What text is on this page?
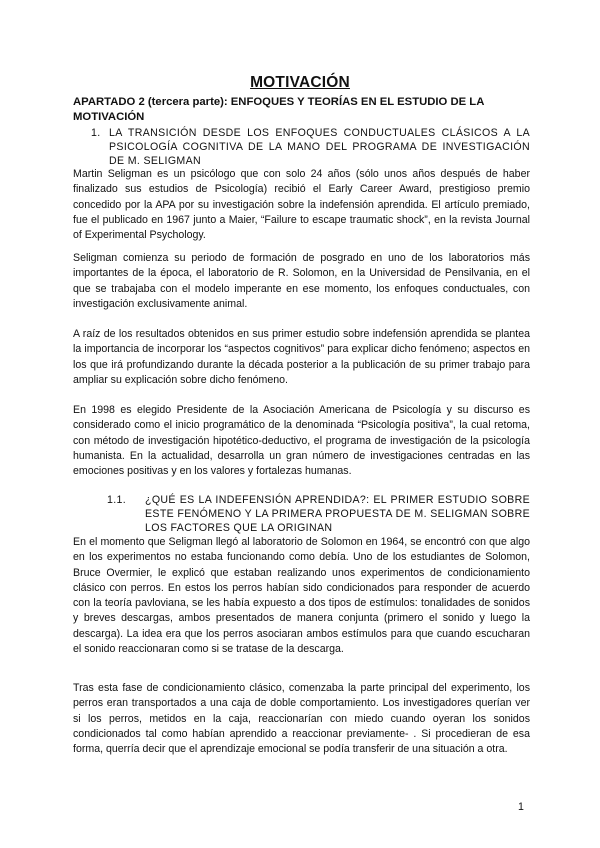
MOTIVACIÓN
APARTADO 2 (tercera parte): ENFOQUES Y TEORÍAS EN EL ESTUDIO DE LA MOTIVACIÓN
1. LA TRANSICIÓN DESDE LOS ENFOQUES CONDUCTUALES CLÁSICOS A LA PSICOLOGÍA COGNITIVA DE LA MANO DEL PROGRAMA DE INVESTIGACIÓN DE M. SELIGMAN

Martin Seligman es un psicólogo que con solo 24 años (sólo unos años después de haber finalizado sus estudios de Psicología) recibió el Early Career Award, prestigioso premio concedido por la APA por su investigación sobre la indefensión aprendida. El artículo premiado, fue el publicado en 1967 junto a Maier, “Failure to escape traumatic shock”, en la revista Journal of Experimental Psychology.

Seligman comienza su periodo de formación de posgrado en uno de los laboratorios más importantes de la época, el laboratorio de R. Solomon, en la Universidad de Pensilvania, en el que se trabajaba con el modelo imperante en ese momento, los enfoques conductuales, con investigación exclusivamente animal.

A raíz de los resultados obtenidos en sus primer estudio sobre indefensión aprendida se plantea la importancia de incorporar los “aspectos cognitivos” para explicar dicho fenómeno; aspectos en los que irá profundizando durante la década posterior a la publicación de su primer trabajo para ampliar su explicación sobre dicho fenómeno.

En 1998 es elegido Presidente de la Asociación Americana de Psicología y su discurso es considerado como el inicio programático de la denominada “Psicología positiva”, la cual retoma, con método de investigación hipotético-deductivo, el programa de investigación de la psicología humanista. En la actualidad, desarrolla un gran número de investigaciones centradas en las emociones positivas y en los valores y fortalezas humanas.

1.1. ¿QUÉ ES LA INDEFENSIÓN APRENDIDA?: EL PRIMER ESTUDIO SOBRE ESTE FENÓMENO Y LA PRIMERA PROPUESTA DE M. SELIGMAN SOBRE LOS FACTORES QUE LA ORIGINAN

En el momento que Seligman llegó al laboratorio de Solomon en 1964, se encontró con que algo en los experimentos no estaba funcionando como debía. Uno de los estudiantes de Solomon, Bruce Overmier, le explicó que estaban realizando unos experimentos de condicionamiento clásico con perros. En estos los perros habían sido condicionados para responder de acuerdo con la teoría pavloviana, se les había expuesto a dos tipos de estímulos: tonalidades de sonidos y breves descargas, ambos presentados de manera conjunta (primero el sonido y luego la descarga). La idea era que los perros asociaran ambos estímulos para que cuando escucharan el sonido reaccionaran como si se tratase de la descarga.

Tras esta fase de condicionamiento clásico, comenzaba la parte principal del experimento, los perros eran transportados a una caja de doble comportamiento. Los investigadores querían ver si los perros, metidos en la caja, reaccionarían con miedo cuando oyeran los sonidos condicionados tal como habían aprendido a reaccionar previamente- . Si procedieran de esa forma, querría decir que el aprendizaje emocional se podía transferir de una situación a otra.

1
